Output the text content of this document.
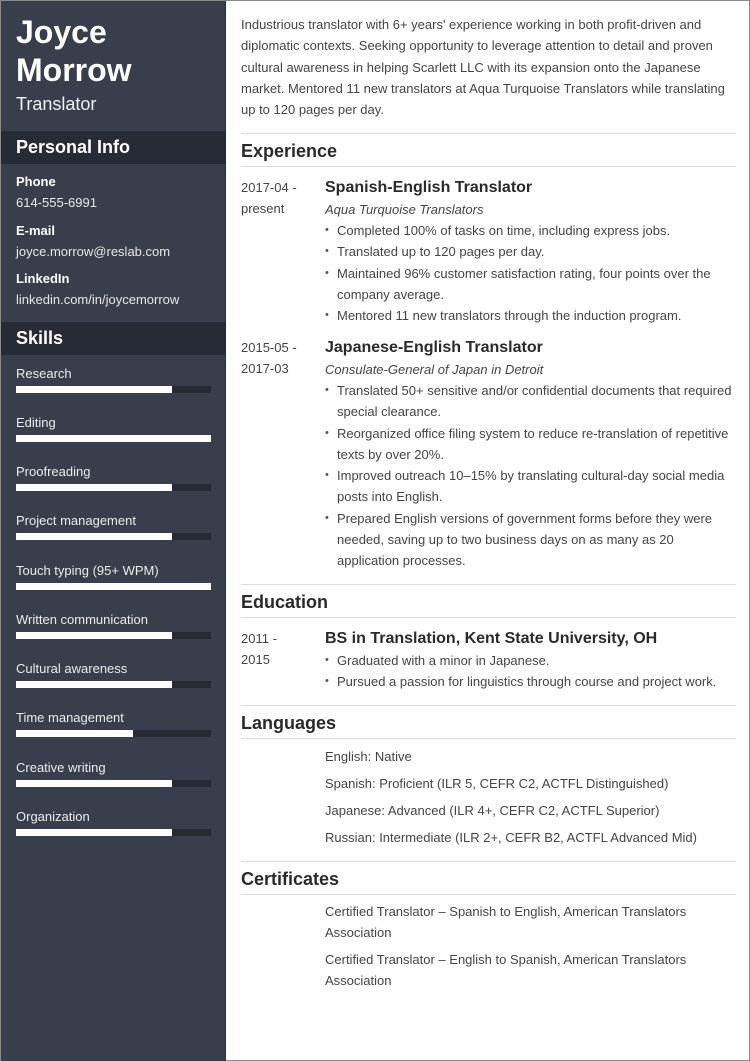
Joyce
Morrow
Translator
Personal Info
Phone
614-555-6991
E-mail
joyce.morrow@reslab.com
LinkedIn
linkedin.com/in/joycemorrow
Skills
Research
Editing
Proofreading
Project management
Touch typing (95+ WPM)
Written communication
Cultural awareness
Time management
Creative writing
Organization

Industrious translator with 6+ years' experience working in both profit-driven and diplomatic contexts. Seeking opportunity to leverage attention to detail and proven cultural awareness in helping Scarlett LLC with its expansion onto the Japanese market. Mentored 11 new translators at Aqua Turquoise Translators while translating up to 120 pages per day.

Experience
2017-04 -
present
Spanish-English Translator
Aqua Turquoise Translators
• Completed 100% of tasks on time, including express jobs.
• Translated up to 120 pages per day.
• Maintained 96% customer satisfaction rating, four points over the company average.
• Mentored 11 new translators through the induction program.
2015-05 -
2017-03
Japanese-English Translator
Consulate-General of Japan in Detroit
• Translated 50+ sensitive and/or confidential documents that required special clearance.
• Reorganized office filing system to reduce re-translation of repetitive texts by over 20%.
• Improved outreach 10–15% by translating cultural-day social media posts into English.
• Prepared English versions of government forms before they were needed, saving up to two business days on as many as 20 application processes.
Education
2011 -
2015
BS in Translation, Kent State University, OH
• Graduated with a minor in Japanese.
• Pursued a passion for linguistics through course and project work.
Languages
English: Native
Spanish: Proficient (ILR 5, CEFR C2, ACTFL Distinguished)
Japanese: Advanced (ILR 4+, CEFR C2, ACTFL Superior)
Russian: Intermediate (ILR 2+, CEFR B2, ACTFL Advanced Mid)
Certificates
Certified Translator – Spanish to English, American Translators Association
Certified Translator – English to Spanish, American Translators Association
